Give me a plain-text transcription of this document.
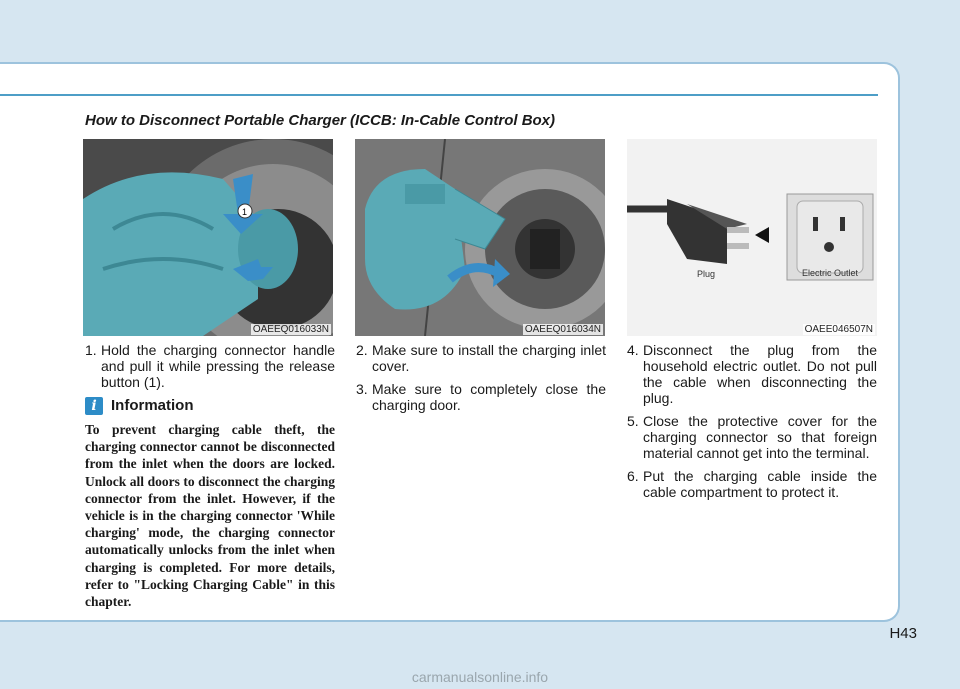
How to Disconnect Portable Charger (ICCB: In-Cable Control Box)
1
OAEEQ016033N	OAEEQ016034N
Plug	Electric Outlet
OAEE046507N
1. Hold the charging connector handle and pull it while pressing the release button (1).
i Information

To prevent charging cable theft, the charging connector cannot be disconnected from the inlet when the doors are locked. Unlock all doors to disconnect the charging connector from the inlet. However, if the vehicle is in the charging connector 'While charging' mode, the charging connector automatically unlocks from the inlet when charging is completed. For more details, refer to "Locking Charging Cable" in this chapter.

2. Make sure to install the charging inlet cover.
3. Make sure to completely close the charging door.
4. Disconnect the plug from the household electric outlet. Do not pull the cable when disconnecting the plug.
5. Close the protective cover for the charging connector so that foreign material cannot get into the terminal.
6. Put the charging cable inside the cable compartment to protect it.
H43
carmanualsonline.info
